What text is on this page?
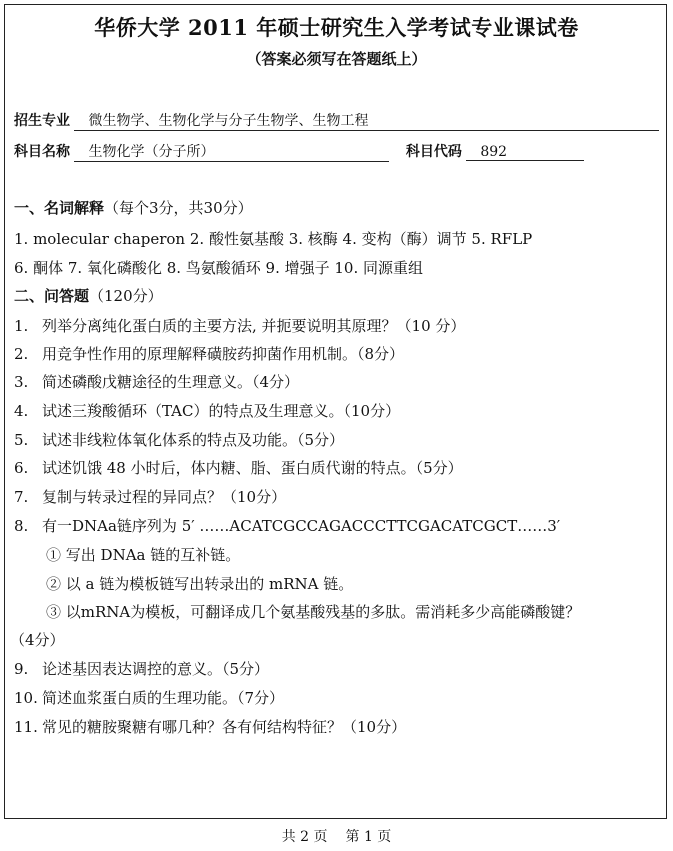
华侨大学 2011 年硕士研究生入学考试专业课试卷
（答案必须写在答题纸上）
招生专业 微生物学、生物化学与分子生物学、生物工程
科目名称 生物化学（分子所）	科目代码 892
一、名词解释（每个3分，共30分）
1. molecular chaperon 2. 酸性氨基酸 3. 核酶 4. 变构（酶）调节 5. RFLP
6. 酮体 7. 氧化磷酸化 8. 鸟氨酸循环 9. 增强子 10. 同源重组
二、问答题（120分）
1. 列举分离纯化蛋白质的主要方法, 并扼要说明其原理？（10 分）
2. 用竞争性作用的原理解释磺胺药抑菌作用机制。（8分）
3. 简述磷酸戊糖途径的生理意义。（4分）
4. 试述三羧酸循环（TAC）的特点及生理意义。（10分）
5. 试述非线粒体氧化体系的特点及功能。（5分）
6. 试述饥饿 48 小时后，体内糖、脂、蛋白质代谢的特点。（5分）
7. 复制与转录过程的异同点？（10分）
8. 有一DNAa链序列为 5′ ……ACATCGCCAGACCCTTCGACATCGCT……3′
① 写出 DNAa 链的互补链。
② 以 a 链为模板链写出转录出的 mRNA 链。
③ 以mRNA为模板，可翻译成几个氨基酸残基的多肽。需消耗多少高能磷酸键？
（4分）
9. 论述基因表达调控的意义。（5分）
10. 简述血浆蛋白质的生理功能。（7分）
11. 常见的糖胺聚糖有哪几种？各有何结构特征？（10分）
共 2 页 第 1 页
